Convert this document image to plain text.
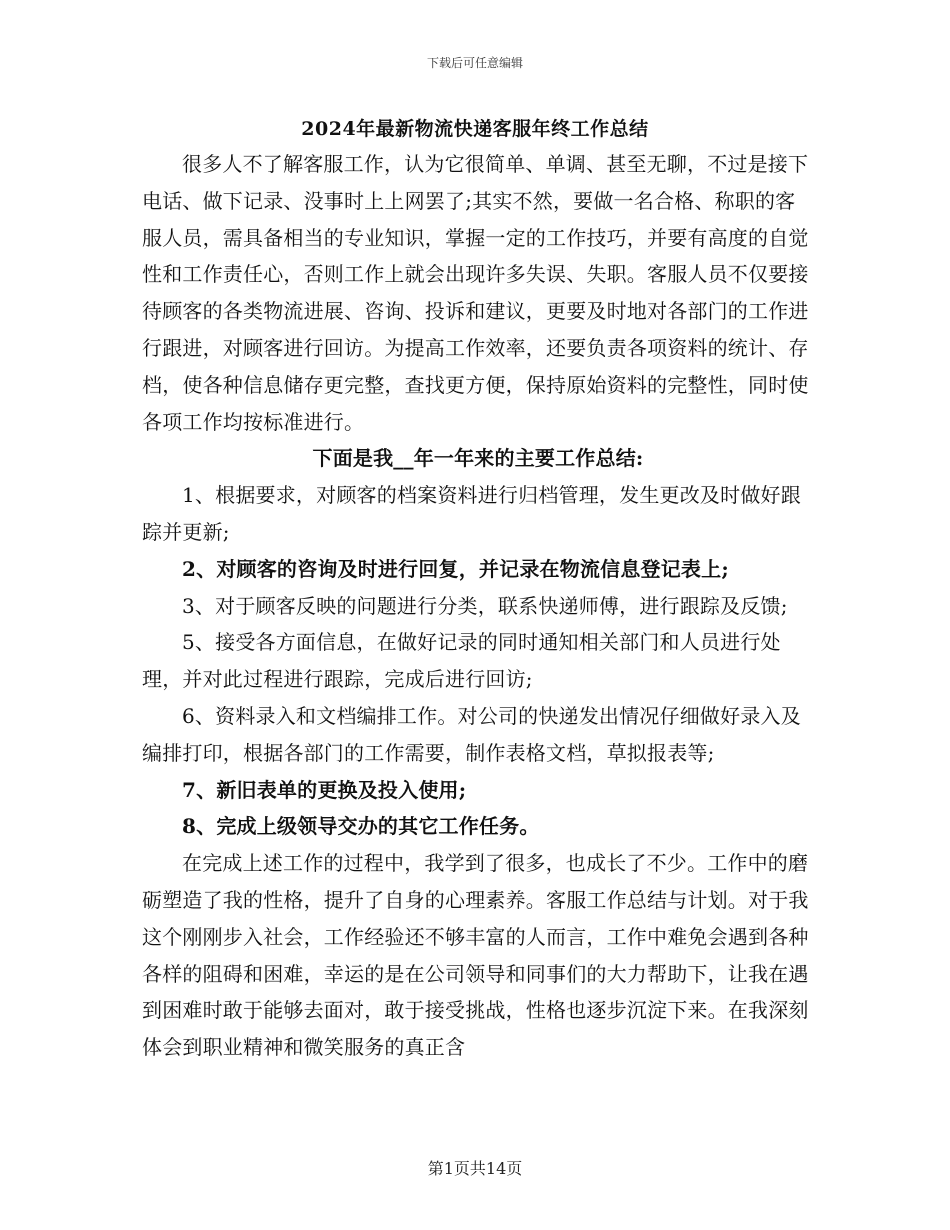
下载后可任意编辑
2024年最新物流快递客服年终工作总结

很多人不了解客服工作，认为它很简单、单调、甚至无聊，不过是接下电话、做下记录、没事时上上网罢了;其实不然，要做一名合格、称职的客服人员，需具备相当的专业知识，掌握一定的工作技巧，并要有高度的自觉性和工作责任心，否则工作上就会出现许多失误、失职。客服人员不仅要接待顾客的各类物流进展、咨询、投诉和建议，更要及时地对各部门的工作进行跟进，对顾客进行回访。为提高工作效率，还要负责各项资料的统计、存档，使各种信息储存更完整，查找更方便，保持原始资料的完整性，同时使各项工作均按标准进行。

下面是我__年一年来的主要工作总结:

1、根据要求，对顾客的档案资料进行归档管理，发生更改及时做好跟踪并更新;

2、对顾客的咨询及时进行回复，并记录在物流信息登记表上;

3、对于顾客反映的问题进行分类，联系快递师傅，进行跟踪及反馈;

5、接受各方面信息，在做好记录的同时通知相关部门和人员进行处理，并对此过程进行跟踪，完成后进行回访;

6、资料录入和文档编排工作。对公司的快递发出情况仔细做好录入及编排打印，根据各部门的工作需要，制作表格文档，草拟报表等;

7、新旧表单的更换及投入使用;

8、完成上级领导交办的其它工作任务。

在完成上述工作的过程中，我学到了很多，也成长了不少。工作中的磨砺塑造了我的性格，提升了自身的心理素养。客服工作总结与计划。对于我这个刚刚步入社会，工作经验还不够丰富的人而言，工作中难免会遇到各种各样的阻碍和困难，幸运的是在公司领导和同事们的大力帮助下，让我在遇到困难时敢于能够去面对，敢于接受挑战，性格也逐步沉淀下来。在我深刻体会到职业精神和微笑服务的真正含

第1页共14页
